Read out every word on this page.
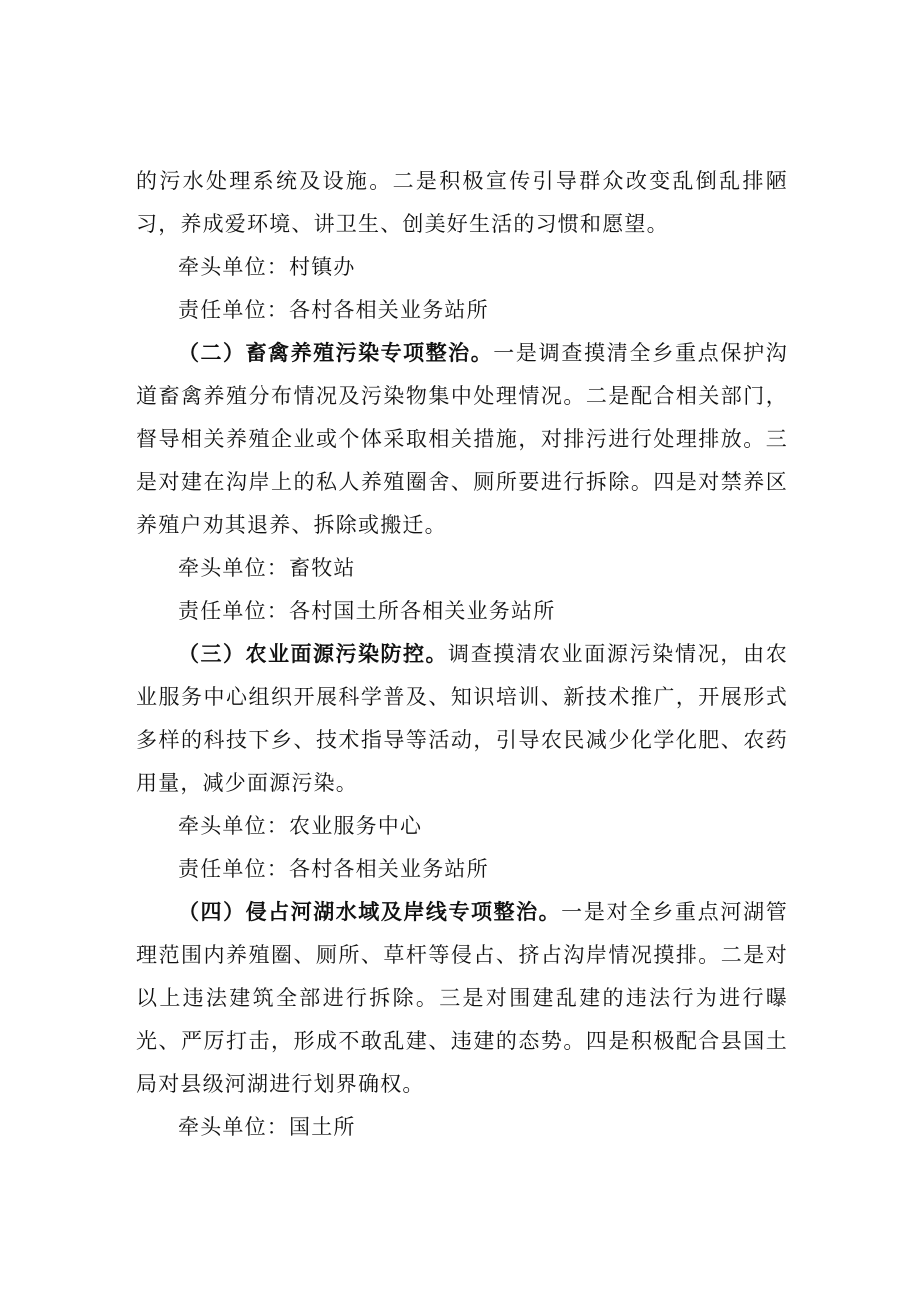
的污水处理系统及设施。二是积极宣传引导群众改变乱倒乱排陋习，养成爱环境、讲卫生、创美好生活的习惯和愿望。

牵头单位：村镇办

责任单位：各村各相关业务站所

（二）畜禽养殖污染专项整治。一是调查摸清全乡重点保护沟道畜禽养殖分布情况及污染物集中处理情况。二是配合相关部门，督导相关养殖企业或个体采取相关措施，对排污进行处理排放。三是对建在沟岸上的私人养殖圈舍、厕所要进行拆除。四是对禁养区养殖户劝其退养、拆除或搬迁。

牵头单位：畜牧站

责任单位：各村国土所各相关业务站所

（三）农业面源污染防控。调查摸清农业面源污染情况，由农业服务中心组织开展科学普及、知识培训、新技术推广，开展形式多样的科技下乡、技术指导等活动，引导农民减少化学化肥、农药用量，减少面源污染。

牵头单位：农业服务中心

责任单位：各村各相关业务站所

（四）侵占河湖水域及岸线专项整治。一是对全乡重点河湖管理范围内养殖圈、厕所、草杆等侵占、挤占沟岸情况摸排。二是对以上违法建筑全部进行拆除。三是对围建乱建的违法行为进行曝光、严厉打击，形成不敢乱建、违建的态势。四是积极配合县国土局对县级河湖进行划界确权。

牵头单位：国土所
